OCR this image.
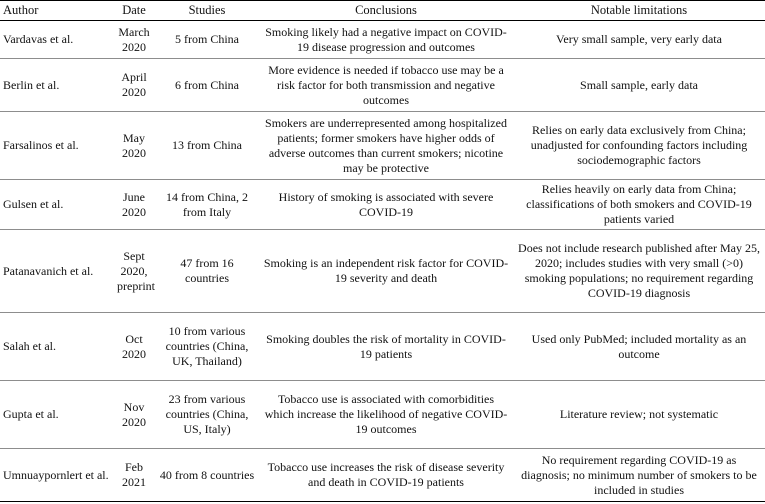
Author	Date	Studies	Conclusions	Notable limitations
Vardavas et al.	March 2020	5 from China	Smoking likely had a negative impact on COVID-19 disease progression and outcomes	Very small sample, very early data
Berlin et al.	April 2020	6 from China	More evidence is needed if tobacco use may be a risk factor for both transmission and negative outcomes	Small sample, early data
Farsalinos et al.	May 2020	13 from China	Smokers are underrepresented among hospitalized patients; former smokers have higher odds of adverse outcomes than current smokers; nicotine may be protective	Relies on early data exclusively from China; unadjusted for confounding factors including sociodemographic factors
Gulsen et al.	June 2020	14 from China, 2 from Italy	History of smoking is associated with severe COVID-19	Relies heavily on early data from China; classifications of both smokers and COVID-19 patients varied
Patanavanich et al.	Sept 2020, preprint	47 from 16 countries	Smoking is an independent risk factor for COVID-19 severity and death	Does not include research published after May 25, 2020; includes studies with very small (>0) smoking populations; no requirement regarding COVID-19 diagnosis
Salah et al.	Oct 2020	10 from various countries (China, UK, Thailand)	Smoking doubles the risk of mortality in COVID-19 patients	Used only PubMed; included mortality as an outcome
Gupta et al.	Nov 2020	23 from various countries (China, US, Italy)	Tobacco use is associated with comorbidities which increase the likelihood of negative COVID-19 outcomes	Literature review; not systematic
Umnuaypornlert et al.	Feb 2021	40 from 8 countries	Tobacco use increases the risk of disease severity and death in COVID-19 patients	No requirement regarding COVID-19 as diagnosis; no minimum number of smokers to be included in studies
